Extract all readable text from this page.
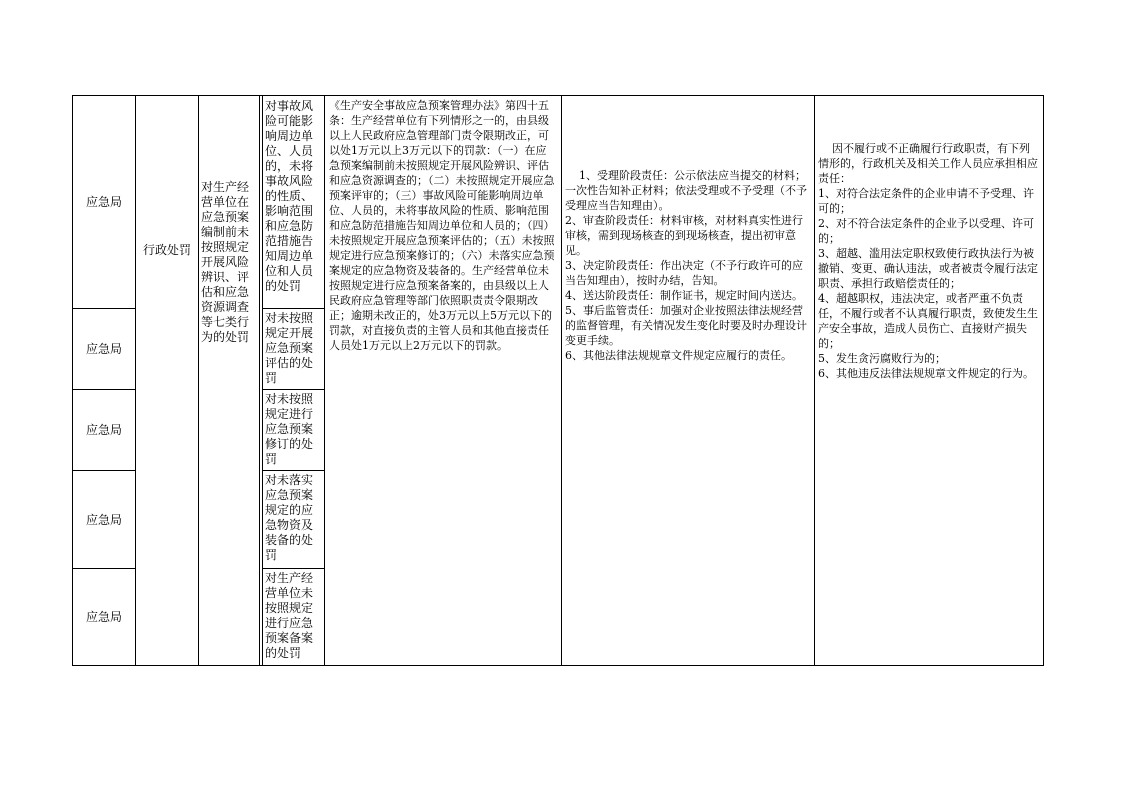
应急局
应急局
应急局
应急局
应急局
行政处罚
对生产经营单位在应急预案编制前未按照规定开展风险辨识、评估和应急资源调查等七类行为的处罚
对事故风险可能影响周边单位、人员的，未将事故风险的性质、影响范围和应急防范措施告知周边单位和人员的处罚
对未按照规定开展应急预案评估的处罚
对未按照规定进行应急预案修订的处罚
对未落实应急预案规定的应急物资及装备的处罚
对生产经营单位未按照规定进行应急预案备案的处罚
《生产安全事故应急预案管理办法》第四十五条：生产经营单位有下列情形之一的，由县级以上人民政府应急管理部门责令限期改正，可以处1万元以上3万元以下的罚款：（一）在应急预案编制前未按照规定开展风险辨识、评估和应急资源调查的；（二）未按照规定开展应急预案评审的；（三）事故风险可能影响周边单位、人员的，未将事故风险的性质、影响范围和应急防范措施告知周边单位和人员的；（四）未按照规定开展应急预案评估的；（五）未按照规定进行应急预案修订的；（六）未落实应急预案规定的应急物资及装备的。生产经营单位未按照规定进行应急预案备案的，由县级以上人民政府应急管理等部门依照职责责令限期改正；逾期未改正的，处3万元以上5万元以下的罚款，对直接负责的主管人员和其他直接责任人员处1万元以上2万元以下的罚款。

1、受理阶段责任：公示依法应当提交的材料；一次性告知补正材料；依法受理或不予受理（不予受理应当告知理由）。
2、审查阶段责任：材料审核，对材料真实性进行审核，需到现场核查的到现场核查，提出初审意见。
3、决定阶段责任：作出决定（不予行政许可的应当告知理由），按时办结，告知。
4、送达阶段责任：制作证书，规定时间内送达。
5、事后监管责任：加强对企业按照法律法规经营的监督管理，有关情况发生变化时要及时办理设计变更手续。
6、其他法律法规规章文件规定应履行的责任。

因不履行或不正确履行行政职责，有下列情形的，行政机关及相关工作人员应承担相应责任：
1、对符合法定条件的企业申请不予受理、许可的；
2、对不符合法定条件的企业予以受理、许可的；
3、超越、滥用法定职权致使行政执法行为被撤销、变更、确认违法，或者被责令履行法定职责、承担行政赔偿责任的；
4、超越职权，违法决定，或者严重不负责任，不履行或者不认真履行职责，致使发生生产安全事故，造成人员伤亡、直接财产损失的；
5、发生贪污腐败行为的；
6、其他违反法律法规规章文件规定的行为。
